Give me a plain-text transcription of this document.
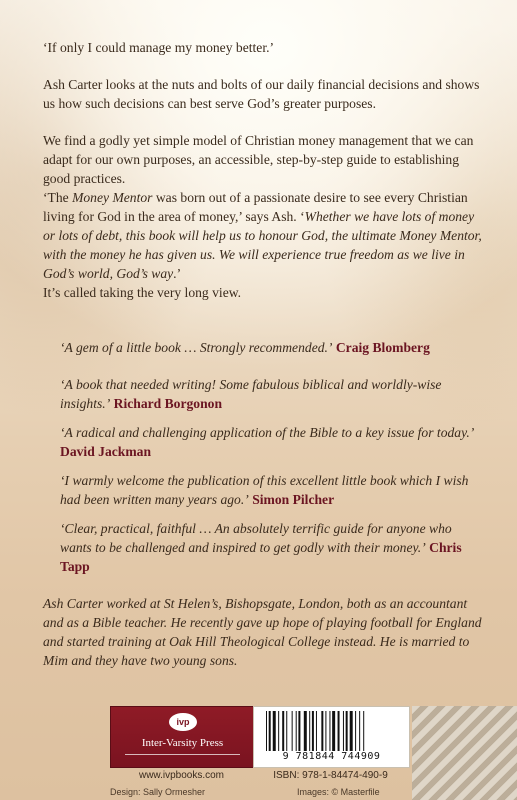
‘If only I could manage my money better.’

Ash Carter looks at the nuts and bolts of our daily financial decisions and shows us how such decisions can best serve God’s greater purposes.

We find a godly yet simple model of Christian money management that we can adapt for our own purposes, an accessible, step-by-step guide to establishing good practices.

‘The Money Mentor was born out of a passionate desire to see every Christian living for God in the area of money,’ says Ash. ‘Whether we have lots of money or lots of debt, this book will help us to honour God, the ultimate Money Mentor, with the money he has given us. We will experience true freedom as we live in God’s world, God’s way.’

It’s called taking the very long view.

‘A gem of a little book … Strongly recommended.’ Craig Blomberg

‘A book that needed writing! Some fabulous biblical and worldly-wise insights.’ Richard Borgonon

‘A radical and challenging application of the Bible to a key issue for today.’ David Jackman

‘I warmly welcome the publication of this excellent little book which I wish had been written many years ago.’ Simon Pilcher

‘Clear, practical, faithful … An absolutely terrific guide for anyone who wants to be challenged and inspired to get godly with their money.’ Chris Tapp

Ash Carter worked at St Helen’s, Bishopsgate, London, both as an accountant and as a Bible teacher. He recently gave up hope of playing football for England and started training at Oak Hill Theological College instead. He is married to Mim and they have two young sons.

ivp
Inter-Varsity Press
www.ivpbooks.com
9 781844 744909
ISBN: 978-1-84474-490-9
Design: Sally Ormesher	Images: © Masterfile
